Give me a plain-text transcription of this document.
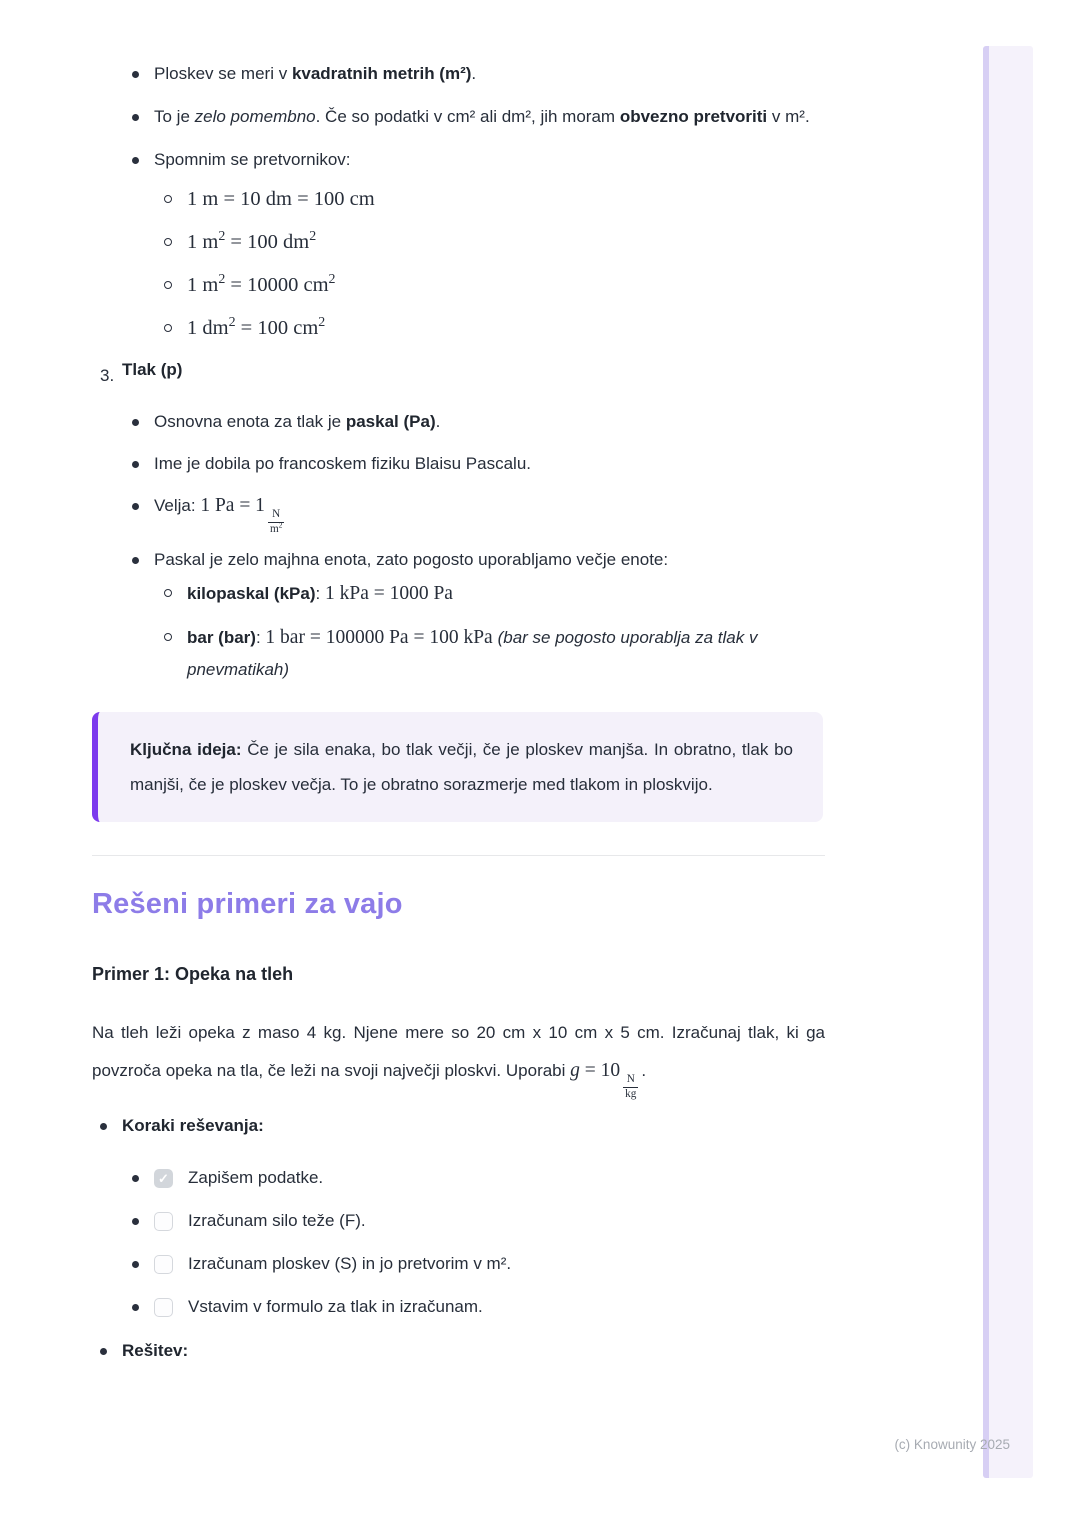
Ploskev se meri v kvadratnih metrih (m²).
To je zelo pomembno. Če so podatki v cm² ali dm², jih moram obvezno pretvoriti v m².
Spomnim se pretvornikov:
1 m = 10 dm = 100 cm
1 $m^2 = 100$ $dm^2$
1 $m^2 = 10000$ $cm^2$
1 $dm^2 = 100$ $cm^2$
3. Tlak (p)
Osnovna enota za tlak je paskal (Pa).
Ime je dobila po francoskem fiziku Blaisu Pascalu.
Velja: 1 Pa = 1
$\frac{N}{m^2}$
Paskal je zelo majhna enota, zato pogosto uporabljamo večje enote:
kilopaskal (kPa): 1 kPa = 1000 Pa
bar (bar): 1 bar = 100000 Pa = 100 kPa (bar se pogosto uporablja za tlak v pnevmatikah)
Ključna ideja: Če je sila enaka, bo tlak večji, če je ploskev manjša. In obratno, tlak bo manjši, če je ploskev večja. To je obratno sorazmerje med tlakom in ploskvijo.
Rešeni primeri za vajo
Primer 1: Opeka na tleh
Na tleh leži opeka z maso 4 kg. Njene mere so 20 cm x 10 cm x 5 cm. Izračunaj tlak, ki ga povzroča opeka na tla, če leži na svoji največji ploskvi. Uporabi g = 10
$\frac{N}{kg}$
.
Koraki reševanja:
✓
Zapišem podatke.
Izračunam silo teže (F).
Izračunam ploskev (S) in jo pretvorim v m².
Vstavim v formulo za tlak in izračunam.
Rešitev:
(c) Knowunity 2025
